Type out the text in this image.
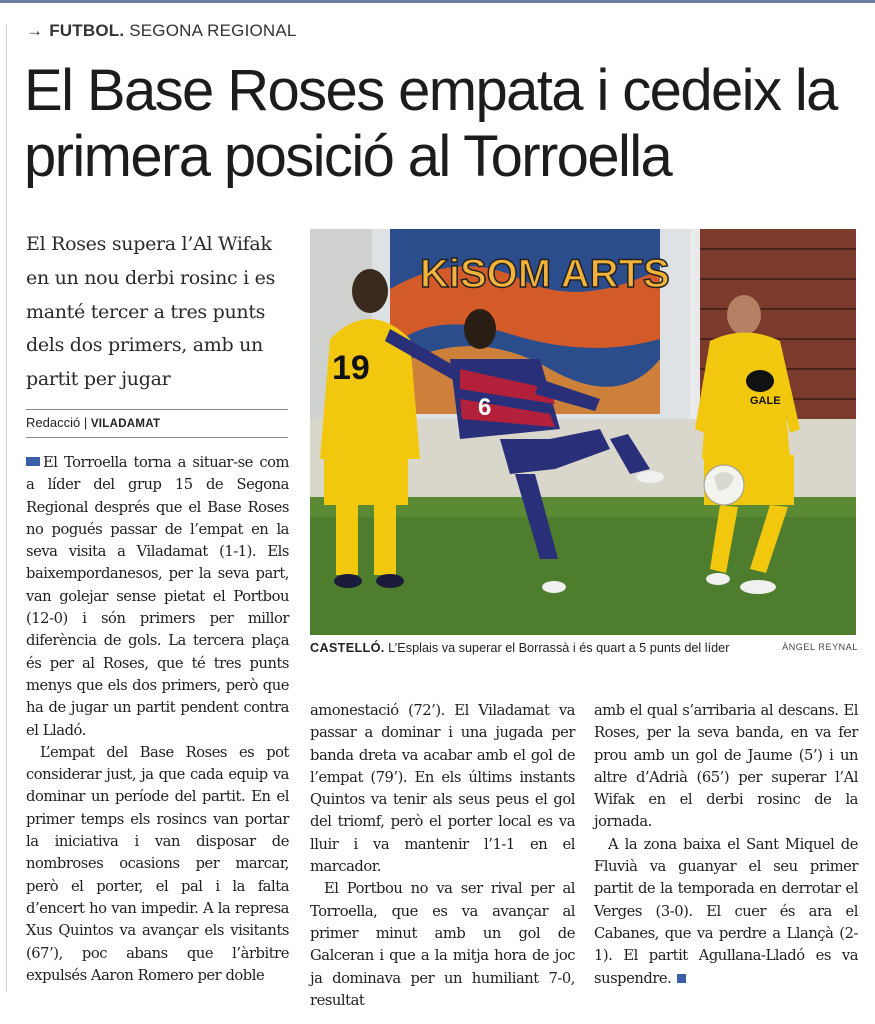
→ FUTBOL. SEGONA REGIONAL
El Base Roses empata i cedeix la primera posició al Torroella
El Roses supera l’Al Wifak en un nou derbi rosinc i es manté tercer a tres punts dels dos primers, amb un partit per jugar
Redacció | VILADAMAT

El Torroella torna a situar-se com a líder del grup 15 de Segona Regional després que el Base Roses no pogués passar de l’empat en la seva visita a Viladamat (1-1). Els baixempordanesos, per la seva part, van golejar sense pietat el Portbou (12-0) i són primers per millor diferència de gols. La tercera plaça és per al Roses, que té tres punts menys que els dos primers, però que ha de jugar un partit pendent contra el Lladó.

L’empat del Base Roses es pot considerar just, ja que cada equip va dominar un període del partit. En el primer temps els rosincs van portar la iniciativa i van disposar de nombroses ocasions per marcar, però el porter, el pal i la falta d’encert ho van impedir. A la represa Xus Quintos va avançar els visitants (67’), poc abans que l’àrbitre expulsés Aaron Romero per doble

KiSOM ARTS
19
6	GALE
CASTELLÓ. L’Esplais va superar el Borrassà i és quart a 5 punts del líder	ÀNGEL REYNAL

amonestació (72’). El Viladamat va passar a dominar i una jugada per banda dreta va acabar amb el gol de l’empat (79’). En els últims instants Quintos va tenir als seus peus el gol del triomf, però el porter local es va lluir i va mantenir l’1-1 en el marcador.

El Portbou no va ser rival per al Torroella, que es va avançar al primer minut amb un gol de Galceran i que a la mitja hora de joc ja dominava per un humiliant 7-0, resultat

amb el qual s’arribaria al descans. El Roses, per la seva banda, en va fer prou amb un gol de Jaume (5’) i un altre d’Adrià (65’) per superar l’Al Wifak en el derbi rosinc de la jornada.

A la zona baixa el Sant Miquel de Fluvià va guanyar el seu primer partit de la temporada en derrotar el Verges (3-0). El cuer és ara el Cabanes, que va perdre a Llançà (2-1). El partit Agullana-Lladó es va suspendre.
